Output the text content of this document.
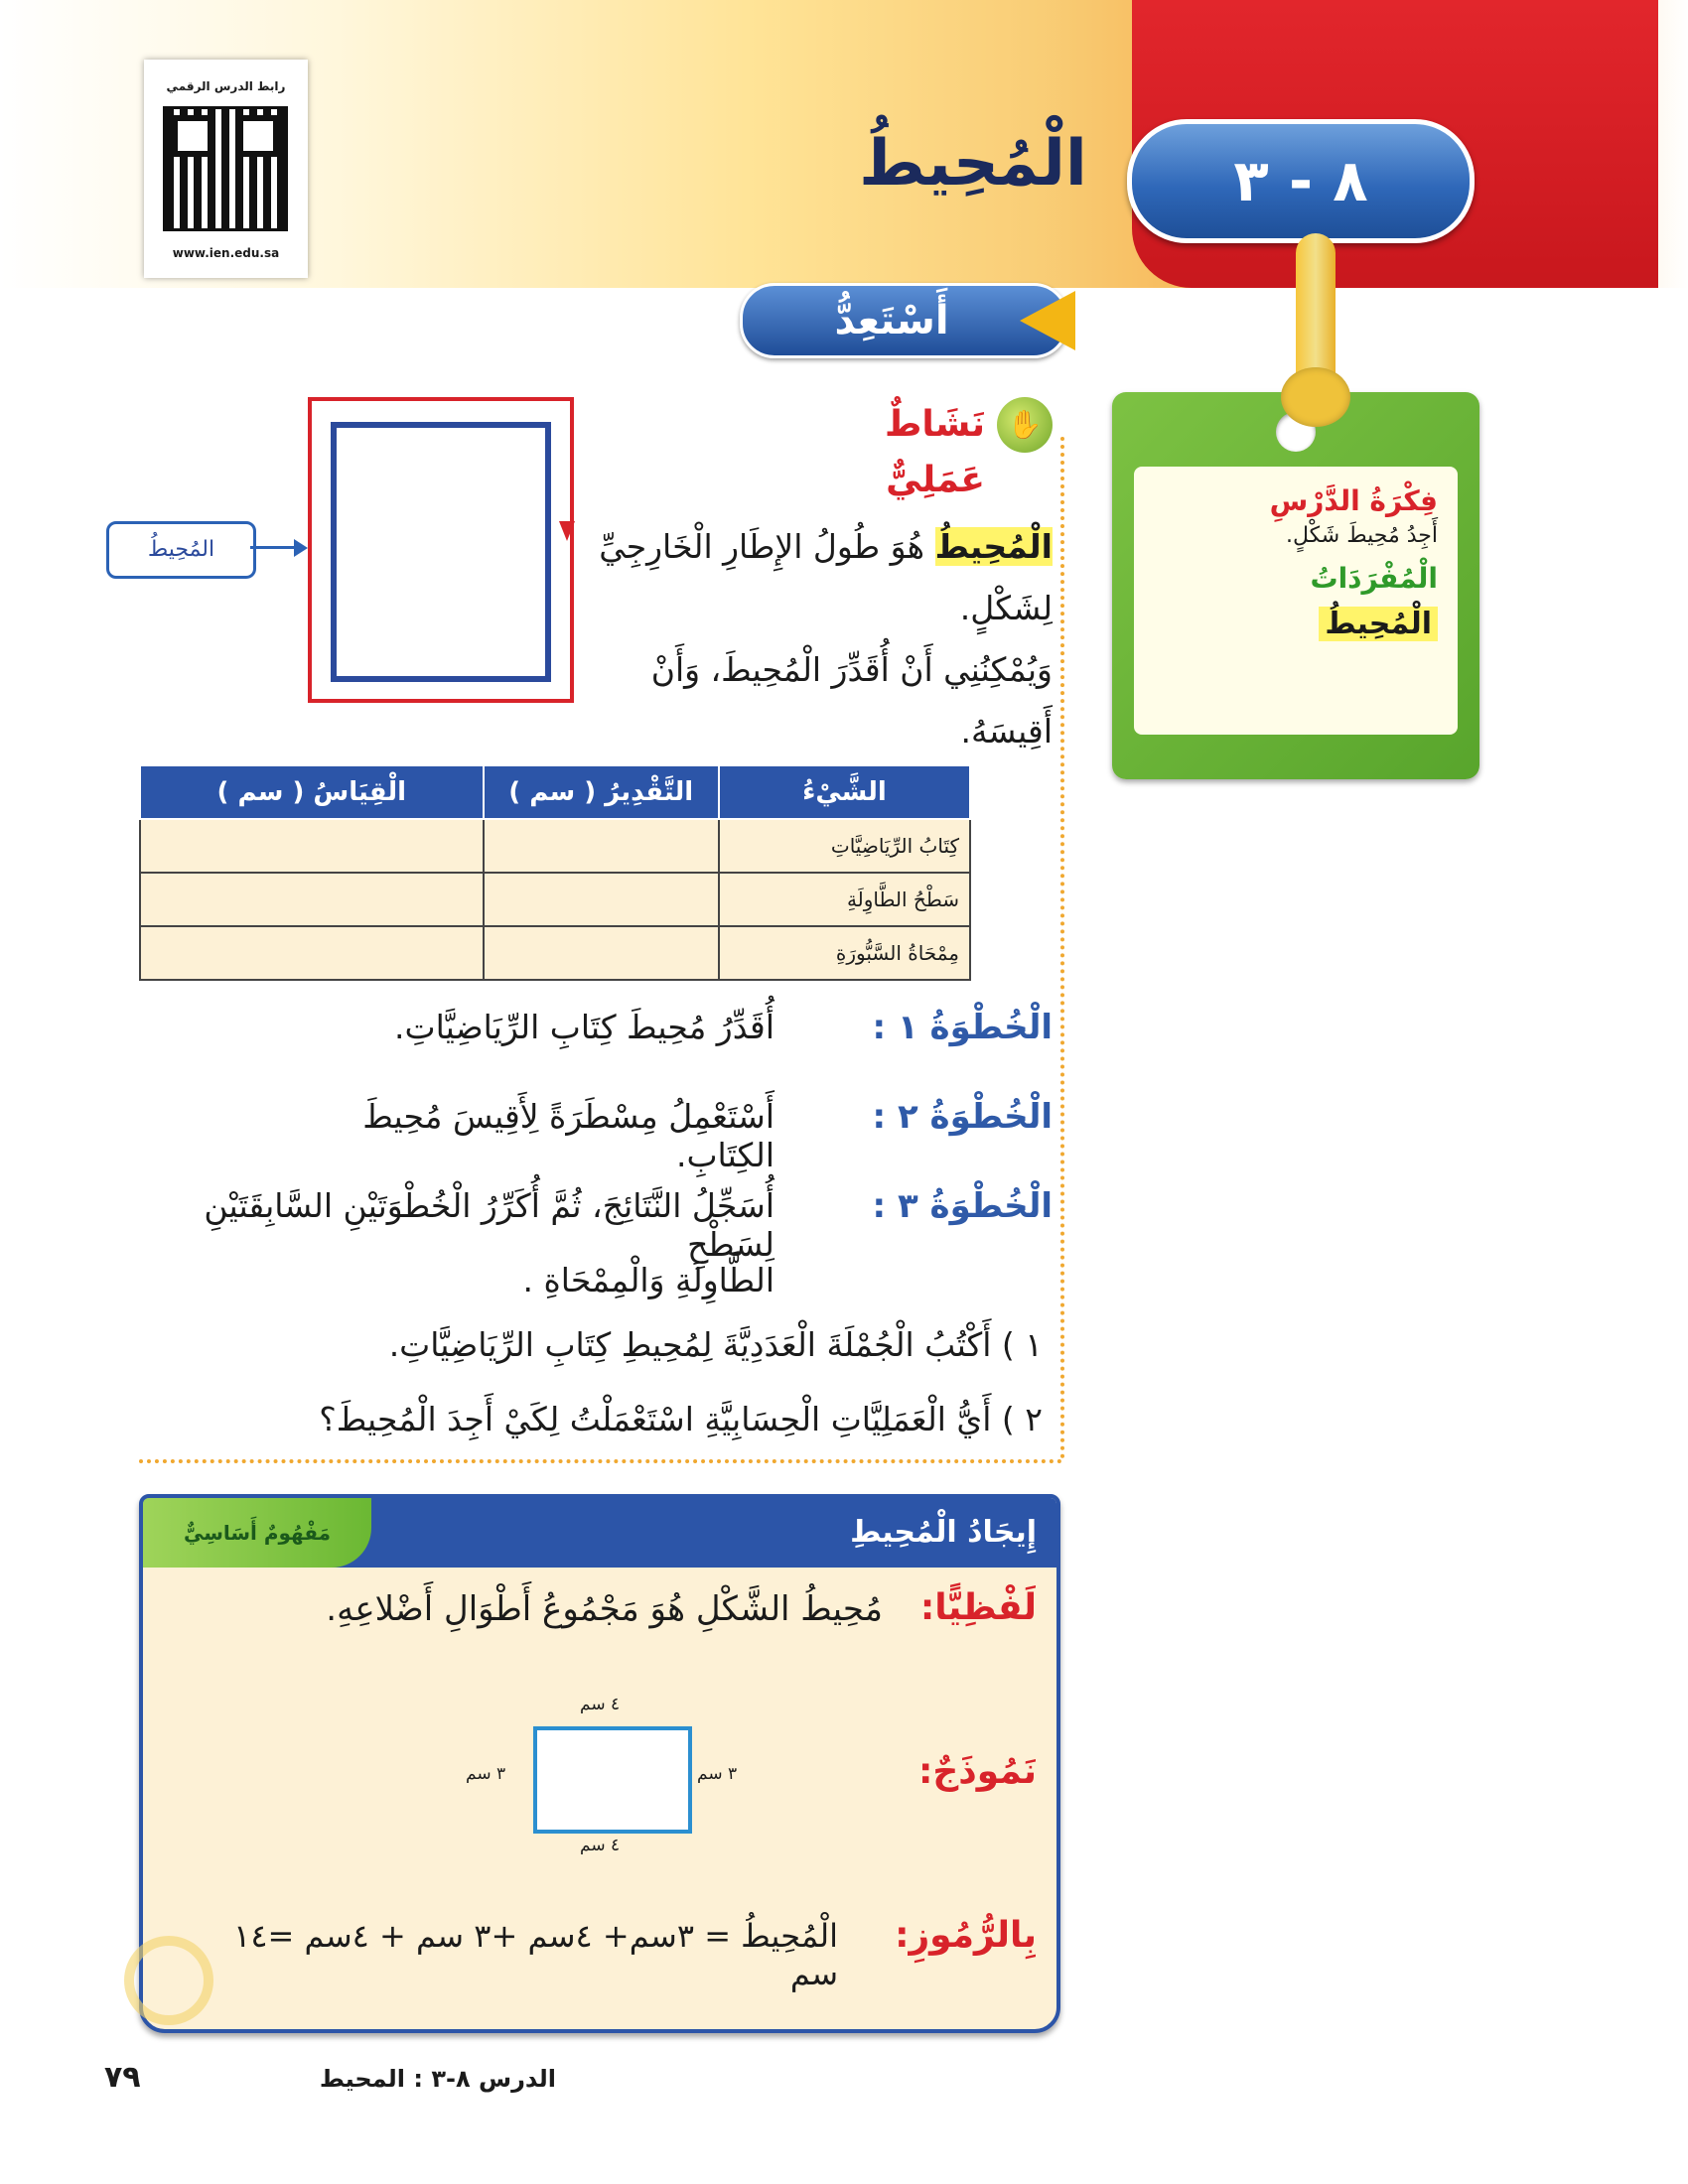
رابط الدرس الرقمي
www.ien.edu.sa
٨ - ٣
الْمُحِيطُ
أَسْتَعِدُّ
فِكْرَةُ الدَّرْسِ
أَجِدُ مُحِيطَ شَكْلٍ.
الْمُفْرَدَاتُ
الْمُحِيطُ
✋
نَشَاطٌ عَمَلِيٌّ
المُحِيطُ	الْمُحِيطُ هُوَ طُولُ الإِطَارِ الْخَارِجِيِّ لِشَكْلٍ.
وَيُمْكِنُنِي أَنْ أُقَدِّرَ الْمُحِيطَ، وَأَنْ أَقِيسَهُ.
الشَّيْءُ	التَّقْدِيرُ ( سم )	الْقِيَاسُ ( سم )
كِتَابُ الرِّيَاضِيَّاتِ		
سَطْحُ الطَّاوِلَةِ		
مِمْحَاةُ السَّبُّورَةِ		
الْخُطْوَةُ ١ :
أُقَدِّرُ مُحِيطَ كِتَابِ الرِّيَاضِيَّاتِ.
الْخُطْوَةُ ٢ :
أَسْتَعْمِلُ مِسْطَرَةً لِأَقِيسَ مُحِيطَ الكِتَابِ.
الْخُطْوَةُ ٣ :
أُسَجِّلُ النَّتَائِجَ، ثُمَّ أُكَرِّرُ الْخُطْوَتَيْنِ السَّابِقَتَيْنِ لِسَطْحِ
الطَّاوِلَةِ وَالْمِمْحَاةِ .
١ ) أَكْتُبُ الْجُمْلَةَ الْعَدَدِيَّةَ لِمُحِيطِ كِتَابِ الرِّيَاضِيَّاتِ.
٢ ) أَيُّ الْعَمَلِيَّاتِ الْحِسَابِيَّةِ اسْتَعْمَلْتُ لِكَيْ أَجِدَ الْمُحِيطَ؟
إِيجَادُ الْمُحِيطِ
مَفْهُومٌ أَسَاسِيٌّ
لَفْظِيًّا:
مُحِيطُ الشَّكْلِ هُوَ مَجْمُوعُ أَطْوَالِ أَضْلاعِهِ.
نَمُوذَجٌ:
٤ سم
٤ سم
٣ سم	٣ سم
بِالرُّمُوزِ:
الْمُحِيطُ = ٣سم+ ٤سم +٣ سم + ٤سم =١٤ سم
٧٩	الدرس ٨-٣ : المحيط
